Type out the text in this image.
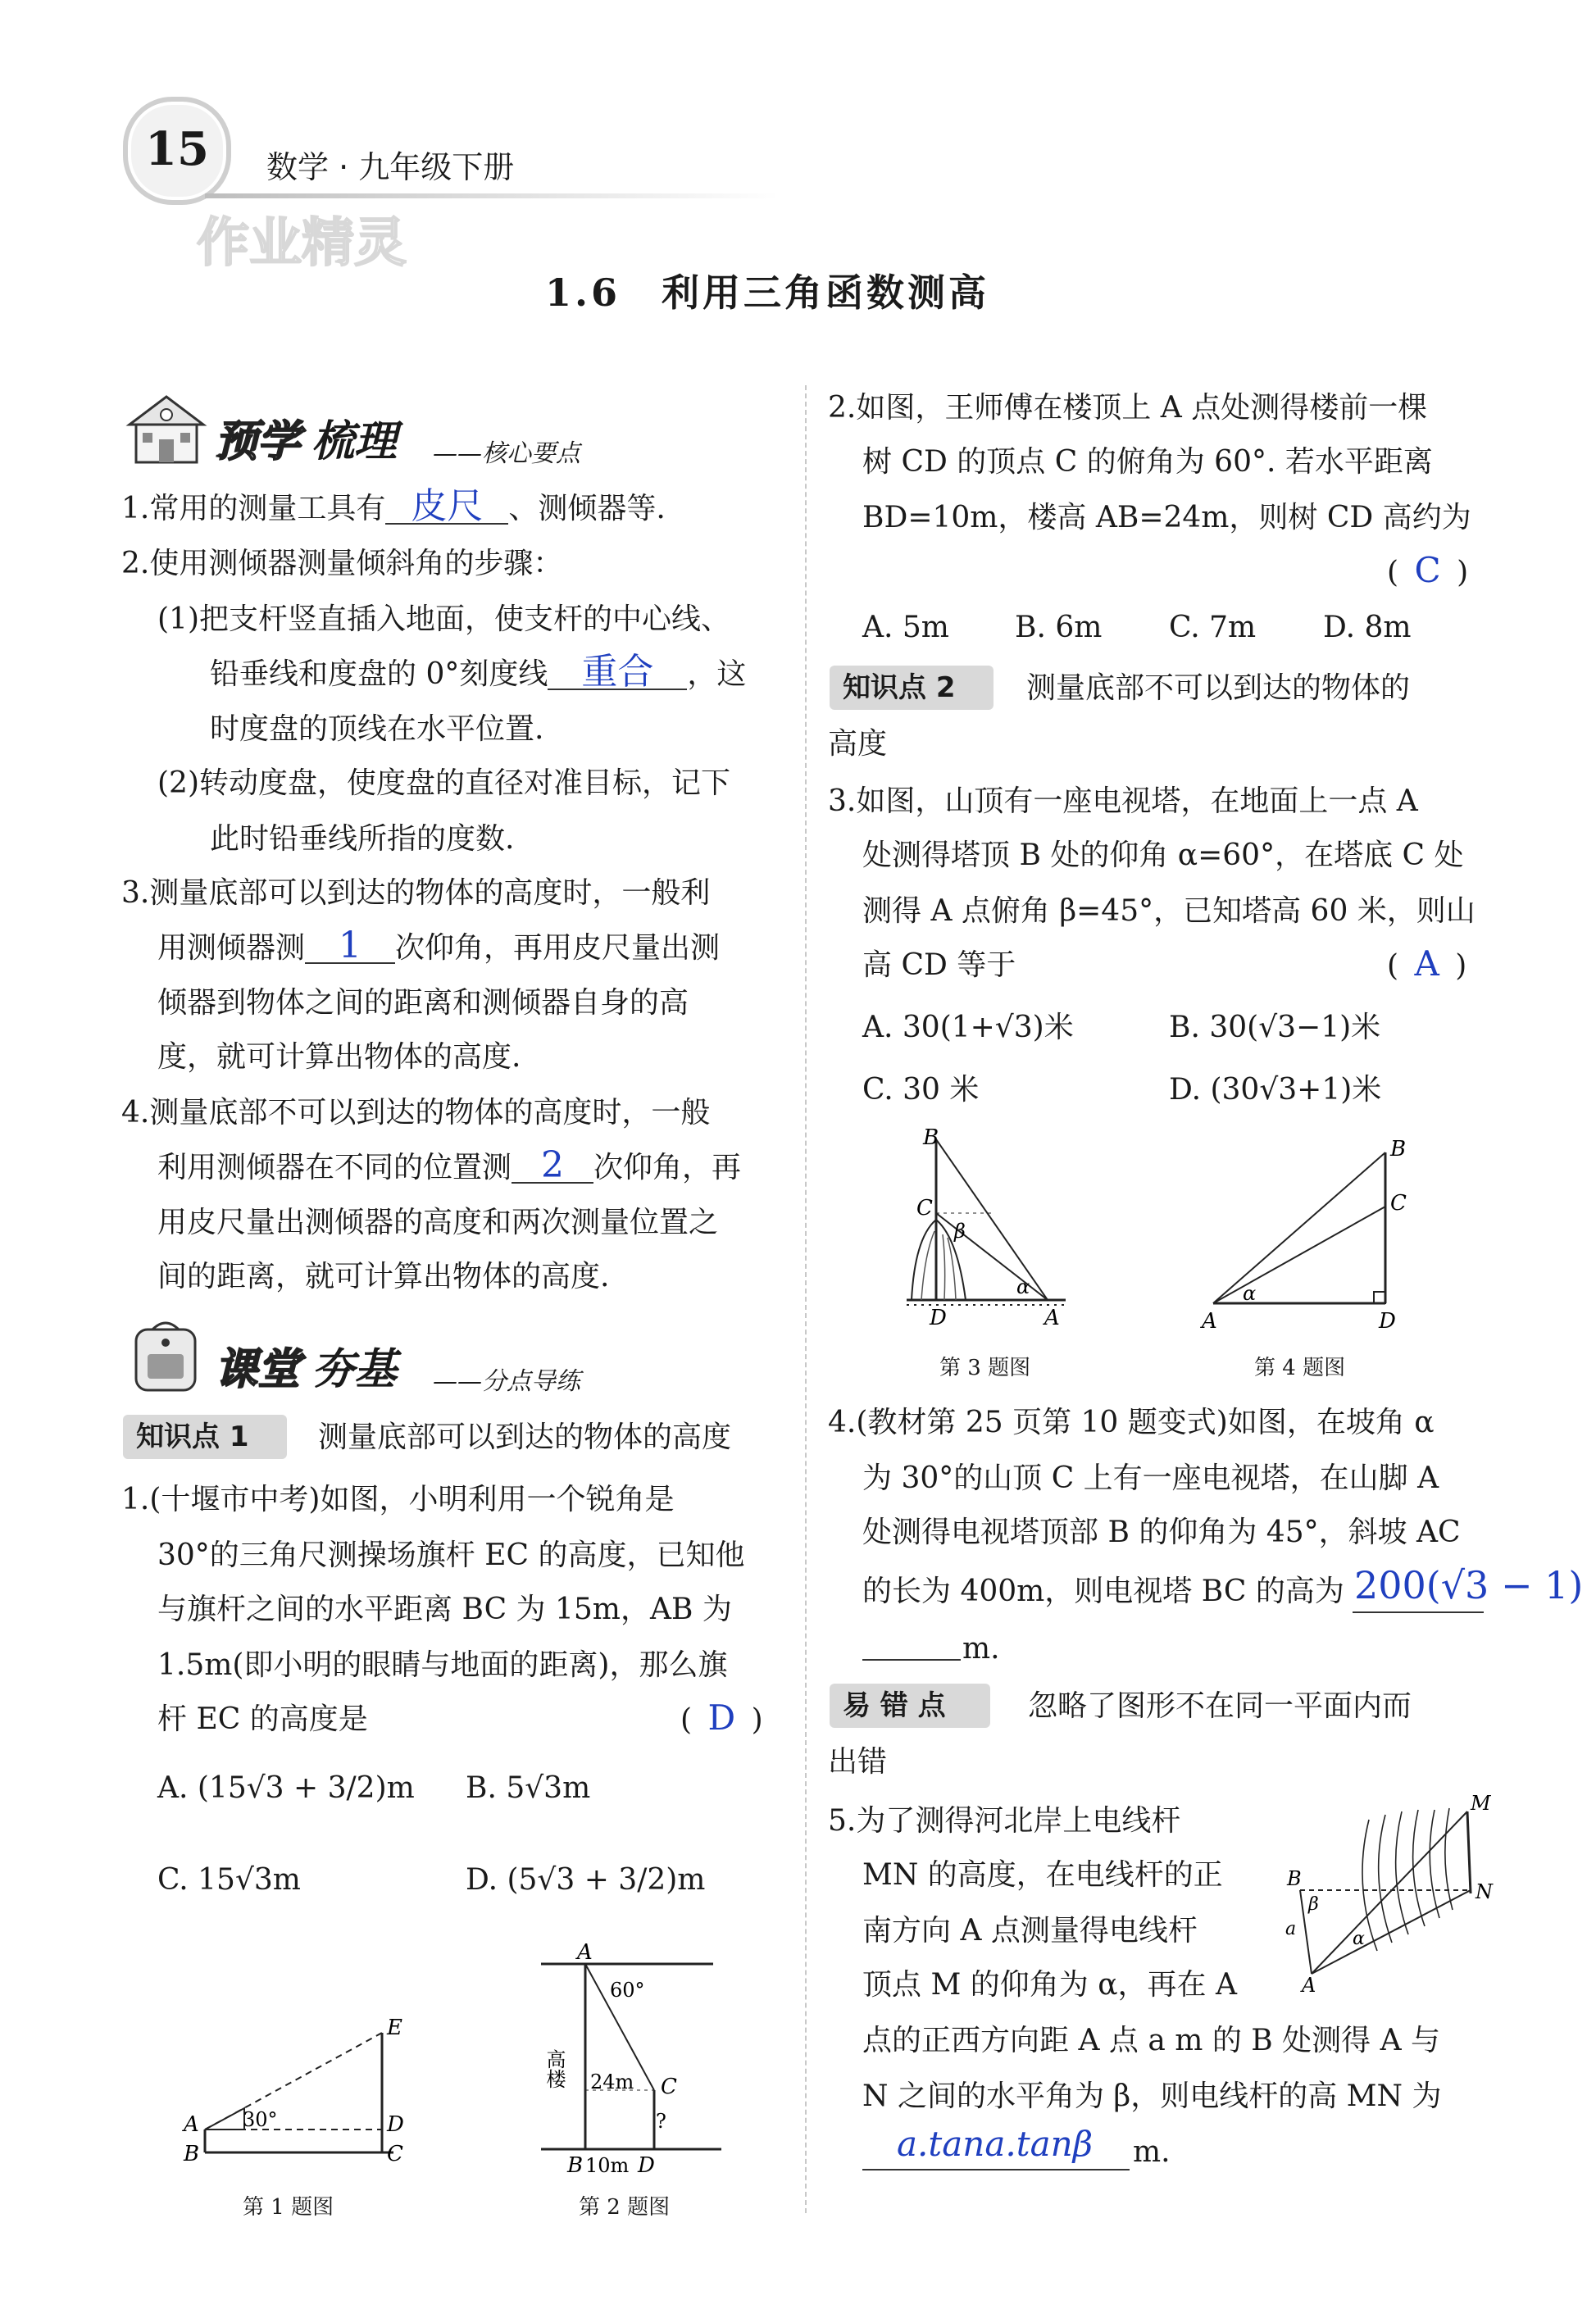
15	数学 · 九年级下册
作业精灵
1.6　利用三角函数测高
预学 梳理 ——核心要点
1.常用的测量工具有 皮尺 、测倾器等.
2.使用测倾器测量倾斜角的步骤：
(1)把支杆竖直插入地面，使支杆的中心线、
铅垂线和度盘的 0°刻度线 重合 ，这
时度盘的顶线在水平位置.
(2)转动度盘，使度盘的直径对准目标，记下
此时铅垂线所指的度数.
3.测量底部可以到达的物体的高度时，一般利
用测倾器测 1 次仰角，再用皮尺量出测
倾器到物体之间的距离和测倾器自身的高
度，就可计算出物体的高度.
4.测量底部不可以到达的物体的高度时，一般
利用测倾器在不同的位置测 2 次仰角，再
用皮尺量出测倾器的高度和两次测量位置之
间的距离，就可计算出物体的高度.
课堂 夯基 ——分点导练
知识点 1 测量底部可以到达的物体的高度
1.(十堰市中考)如图，小明利用一个锐角是
30°的三角尺测操场旗杆 EC 的高度，已知他
与旗杆之间的水平距离 BC 为 15m，AB 为
1.5m(即小明的眼睛与地面的距离)，那么旗
杆 EC 的高度是	( D )
A. (15√3 + 3/2)m B. 5√3m
C. 15√3m	D. (5√3 + 3/2)m
E
A
B
D
C
30°
第 1 题图
A
60°
高楼 24m C
?
B 10m D
第 2 题图
2.如图，王师傅在楼顶上 A 点处测得楼前一棵
树 CD 的顶点 C 的俯角为 60°. 若水平距离
BD=10m，楼高 AB=24m，则树 CD 高约为
( C )
A. 5m B. 6m C. 7m D. 8m
知识点 2 测量底部不可以到达的物体的
高度
3.如图，山顶有一座电视塔，在地面上一点 A
处测得塔顶 B 处的仰角 α=60°，在塔底 C 处
测得 A 点俯角 β=45°，已知塔高 60 米，则山
高 CD 等于	( A )
A. 30(1+√3)米	B. 30(√3−1)米
C. 30 米	D. (30√3+1)米
B
C
β
α
D	A
第 3 题图
B
C
A
α
D
第 4 题图
4.(教材第 25 页第 10 题变式)如图，在坡角 α
为 30°的山顶 C 上有一座电视塔，在山脚 A
处测得电视塔顶部 B 的仰角为 45°，斜坡 AC
的长为 400m，则电视塔 BC 的高为 200(√3 − 1)
m.
易 错 点	忽略了图形不在同一平面内而
出错
5.为了测得河北岸上电线杆
MN 的高度，在电线杆的正
南方向 A 点测量得电线杆
顶点 M 的仰角为 α，再在 A
点的正西方向距 A 点 a m 的 B 处测得 A 与
N 之间的水平角为 β，则电线杆的高 MN 为
a.tana.tanβ m.
M
B
N
β
a	α
A
